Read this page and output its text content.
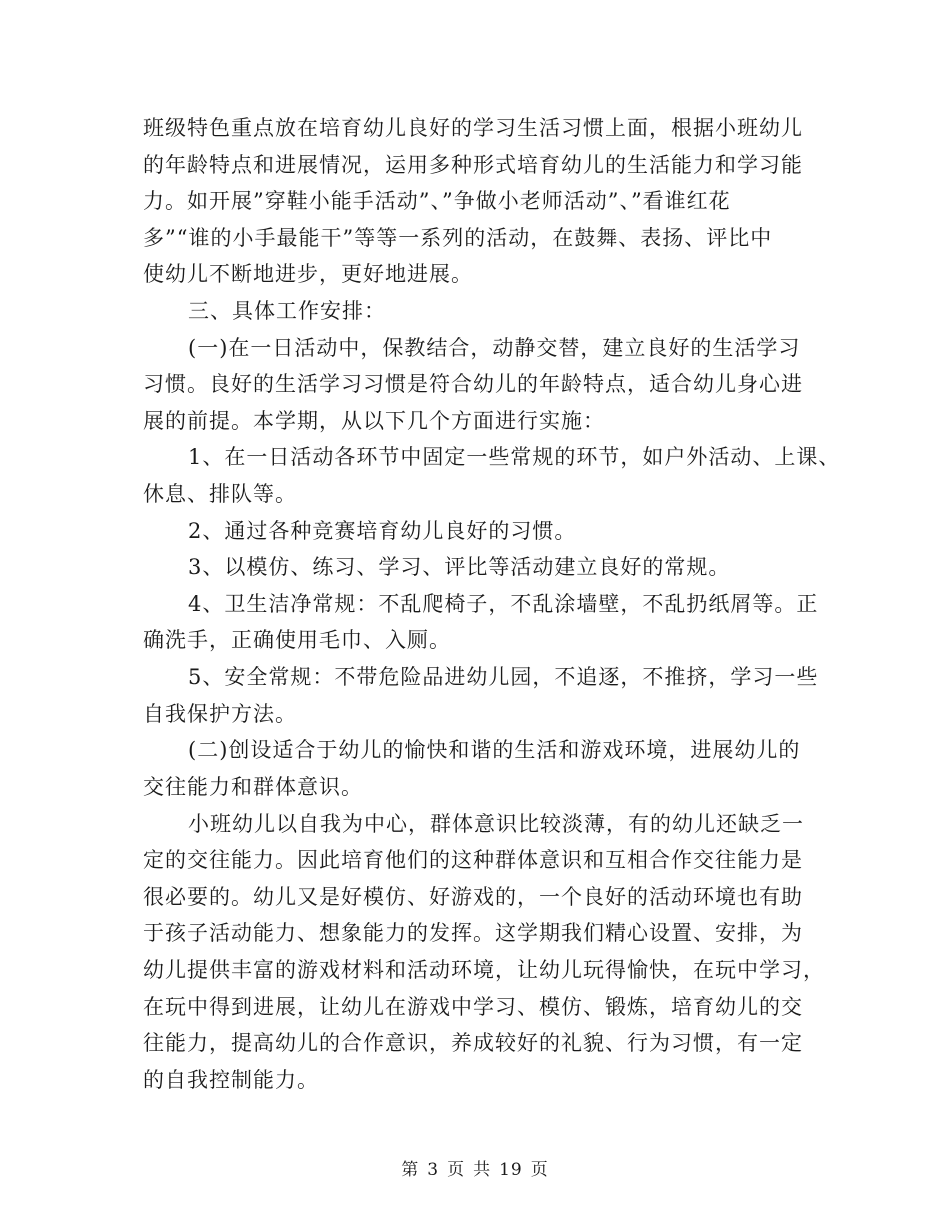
班级特色重点放在培育幼儿良好的学习生活习惯上面，根据小班幼儿
的年龄特点和进展情况，运用多种形式培育幼儿的生活能力和学习能
力。如开展”穿鞋小能手活动”、”争做小老师活动”、”看谁红花
多”“谁的小手最能干”等等一系列的活动，在鼓舞、表扬、评比中
使幼儿不断地进步，更好地进展。
三、具体工作安排：
(一)在一日活动中，保教结合，动静交替，建立良好的生活学习
习惯。良好的生活学习习惯是符合幼儿的年龄特点，适合幼儿身心进
展的前提。本学期，从以下几个方面进行实施：
1、在一日活动各环节中固定一些常规的环节，如户外活动、上课、
休息、排队等。
2、通过各种竞赛培育幼儿良好的习惯。
3、以模仿、练习、学习、评比等活动建立良好的常规。
4、卫生洁净常规：不乱爬椅子，不乱涂墙壁，不乱扔纸屑等。正
确洗手，正确使用毛巾、入厕。
5、安全常规：不带危险品进幼儿园，不追逐，不推挤，学习一些
自我保护方法。
(二)创设适合于幼儿的愉快和谐的生活和游戏环境，进展幼儿的
交往能力和群体意识。
小班幼儿以自我为中心，群体意识比较淡薄，有的幼儿还缺乏一
定的交往能力。因此培育他们的这种群体意识和互相合作交往能力是
很必要的。幼儿又是好模仿、好游戏的，一个良好的活动环境也有助
于孩子活动能力、想象能力的发挥。这学期我们精心设置、安排，为
幼儿提供丰富的游戏材料和活动环境，让幼儿玩得愉快，在玩中学习，
在玩中得到进展，让幼儿在游戏中学习、模仿、锻炼，培育幼儿的交
往能力，提高幼儿的合作意识，养成较好的礼貌、行为习惯，有一定
的自我控制能力。
第 3 页 共 19 页
